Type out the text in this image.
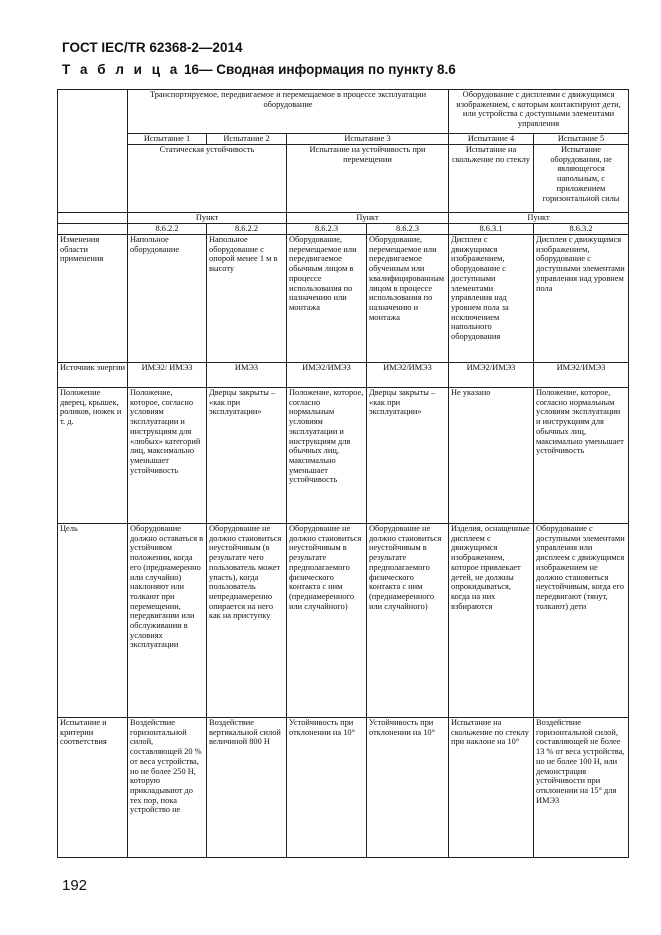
ГОСТ IEC/TR 62368-2—2014
Т а б л и ц а 16— Сводная информация по пункту 8.6
	Транспортируемое, передвигаемое и перемещаемое в процессе эксплуатации оборудование				Оборудование с дисплеями с движущимся изображением, с которым контактируют дети, или устройства с доступными элементами управления	
	Испытание 1	Испытание 2	Испытание 3		Испытание 4	Испытание 5
	Статическая устойчивость		Испытание на устойчивость при перемещении		Испытание на скольжение по стеклу	Испытание оборудования, не являющегося напольным, с приложением горизонтальной силы
	Пункт		Пункт		Пункт	
	8.6.2.2	8.6.2.2	8.6.2.3	8.6.2.3	8.6.3.1	8.6.3.2
Изменения области применения	Напольное оборудование	Напольное оборудование с опорой менее 1 м в высоту	Оборудование, перемещаемое или передвигаемое обычным лицом в процессе использования по назначению или монтажа	Оборудование, перемещаемое или передвигаемое обученным или квалифицированным лицом в процессе использования по назначению и монтажа	Дисплеи с движущимся изображением, оборудование с доступными элементами управления над уровнем пола за исключением напольного оборудования	Дисплеи с движущимся изображением, оборудование с доступными элементами управления над уровнем пола
Источник энергии	ИМЭ2/ ИМЭ3	ИМЭ3	ИМЭ2/ИМЭ3	ИМЭ2/ИМЭ3	ИМЭ2/ИМЭ3	ИМЭ2/ИМЭ3
Положение дверец, крышек, роликов, ножек и т. д.	Положение, которое, согласно условиям эксплуатации и инструкциям для «любых» категорий лиц, максимально уменьшает устойчивость	Дверцы закрыты – «как при эксплуатации»	Положение, которое, согласно нормальным условиям эксплуатации и инструкциям для обычных лиц, максимально уменьшает устойчивость	Дверцы закрыты – «как при эксплуатации»	Не указано	Положение, которое, согласно нормальным условиям эксплуатации и инструкциям для обычных лиц, максимально уменьшает устойчивость
Цель	Оборудование должно оставаться в устойчивом положении, когда его (преднамеренно или случайно) наклоняют или толкают при перемещении, передвигании или обслуживании в условиях эксплуатации	Оборудование не должно становиться неустойчивым (в результате чего пользователь может упасть), когда пользователь непреднамеренно опирается на него как на приступку	Оборудование не должно становиться неустойчивым в результате предполагаемого физического контакта с ним (преднамеренного или случайного)	Оборудование не должно становиться неустойчивым в результате предполагаемого физического контакта с ним (преднамеренного или случайного)	Изделия, оснащенные дисплеем с движущимся изображением, которое привлекает детей, не должны опрокидываться, когда на них взбираются	Оборудование с доступными элементами управления или дисплеем с движущимся изображением не должно становиться неустойчивым, когда его передвигают (тянут, толкают) дети
Испытание и критерии соответствия	Воздействие горизонтальной силой, составляющей 20 % от веса устройства, но не более 250 Н, которую прикладывают до тех пор, пока устройство не	Воздействие вертикальной силой величиной 800 Н	Устойчивость при отклонении на 10°	Устойчивость при отклонении на 10°	Испытание на скольжение по стеклу при наклоне на 10°	Воздействие горизонтальной силой, составляющей не более 13 % от веса устройства, но не более 100 Н, или демонстрация устойчивости при отклонении на 15° для ИМЭ3
192
